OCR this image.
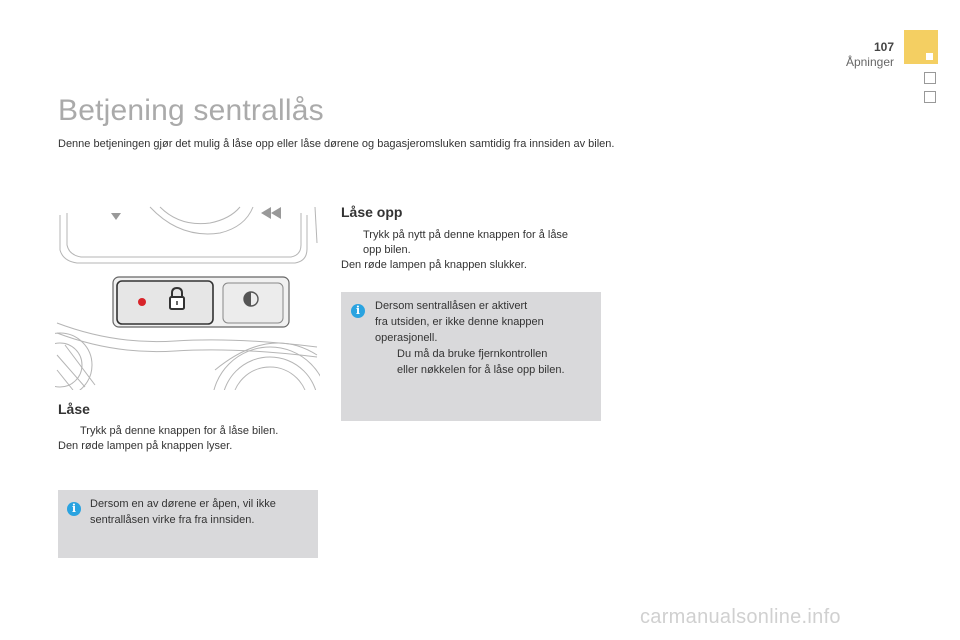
107
Åpninger
Betjening sentrallås
Denne betjeningen gjør det mulig å låse opp eller låse dørene og bagasjeromsluken samtidig fra innsiden av bilen.
Låse
Trykk på denne knappen for å låse bilen.
Den røde lampen på knappen lyser.
i	Dersom en av dørene er åpen, vil ikke
sentrallåsen virke fra fra innsiden.
Låse opp
Trykk på nytt på denne knappen for å låse
opp bilen.
Den røde lampen på knappen slukker.
i	Dersom sentrallåsen er aktivert
fra utsiden, er ikke denne knappen
operasjonell.
Du må da bruke fjernkontrollen
eller nøkkelen for å låse opp bilen.
carmanualsonline.info
